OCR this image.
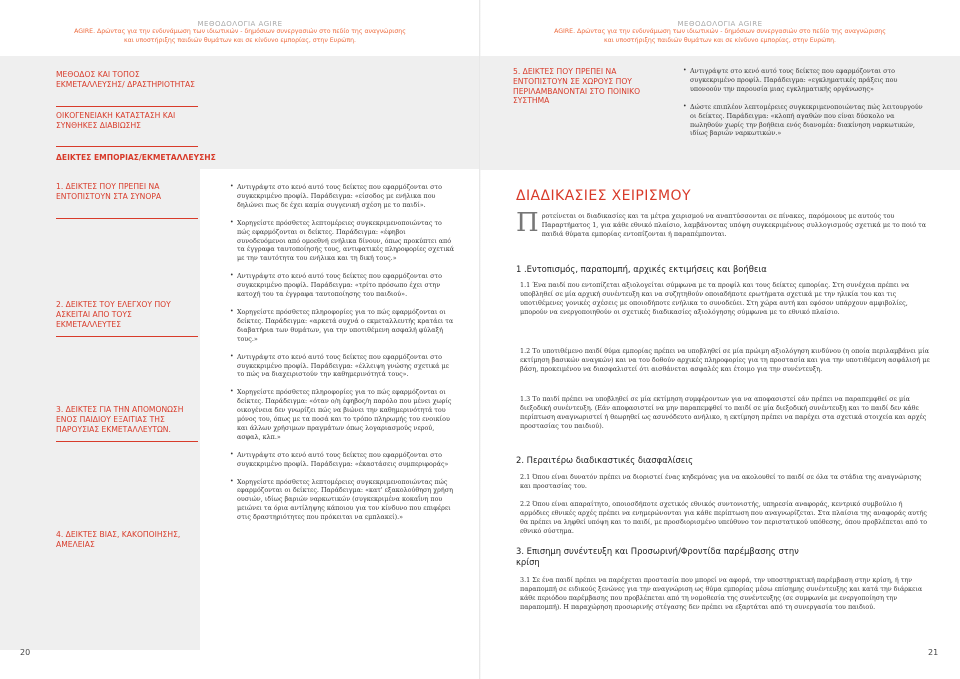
ΜΕΘΟΔΟΛΟΓΙΑ AGIRE
AGIRE. Δρώντας για την ενδυνάμωση των ιδιωτικών - δημόσιων συνεργασιών στο πεδίο της αναγνώρισης
και υποστήριξης παιδιών θυμάτων και σε κίνδυνο εμπορίας, στην Ευρώπη.
ΜΕΘΟΔΟΣ ΚΑΙ ΤΟΠΟΣ ΕΚΜΕΤΑΛΛΕΥΣΗΣ/ ΔΡΑΣΤΗΡΙΟΤΗΤΑΣ
ΟΙΚΟΓΕΝΕΙΑΚΗ ΚΑΤΑΣΤΑΣΗ ΚΑΙ ΣΥΝΘΗΚΕΣ ΔΙΑΒΙΩΣΗΣ
ΔΕΙΚΤΕΣ ΕΜΠΟΡΙΑΣ/ΕΚΜΕΤΑΛΛΕΥΣΗΣ
1. ΔΕΙΚΤΕΣ ΠΟΥ ΠΡΕΠΕΙ ΝΑ ΕΝΤΟΠΙΣΤΟΥΝ ΣΤΑ ΣΥΝΟΡΑ
2. ΔΕΙΚΤΕΣ ΤΟΥ ΕΛΕΓΧΟΥ ΠΟΥ ΑΣΚΕΙΤΑΙ ΑΠΟ ΤΟΥΣ ΕΚΜΕΤΑΛΛΕΥΤΕΣ
3. ΔΕΙΚΤΕΣ ΓΙΑ ΤΗΝ ΑΠΟΜΟΝΩΣΗ ΕΝΟΣ ΠΑΙΔΙΟΥ ΕΞΑΙΤΙΑΣ ΤΗΣ ΠΑΡΟΥΣΙΑΣ ΕΚΜΕΤΑΛΛΕΥΤΩΝ.
4. ΔΕΙΚΤΕΣ ΒΙΑΣ, ΚΑΚΟΠΟΙΗΣΗΣ, ΑΜΕΛΕΙΑΣ
• Αντιγράψτε στο κενό αυτό τους δείκτες που εφαρμόζονται στο συγκεκριμένο προφίλ. Παράδειγμα: «είσοδος με ενήλικα που δηλώνει πως δε έχει καμία συγγενική σχέση με το παιδί».

• Χορηγείστε πρόσθετες λεπτομέρειες συγκεκριμενοποιώντας το πώς εφαρμόζονται οι δείκτες. Παράδειγμα: «έφηβοι συνοδευόμενοι από ομοεθνή ενήλικα δίνουν, όπως προκύπτει από τα έγγραφα ταυτοποίησής τους, αντιφατικές πληροφορίες σχετικά με την ταυτότητα του ενήλικα και τη δική τους.»

• Αντιγράψτε στο κενό αυτό τους δείκτες που εφαρμόζονται στο συγκεκριμένο προφίλ. Παράδειγμα: «τρίτο πρόσωπο έχει στην κατοχή του τα έγγραφα ταυτοποίησης του παιδιού».

• Χορηγείστε πρόσθετες πληροφορίες για το πώς εφαρμόζονται οι δείκτες. Παράδειγμα: «αρκετά συχνά ο εκμεταλλευτής κρατάει τα διαβατήρια των θυμάτων, για την υποτιθέμενη ασφαλή φύλαξή τους.»

• Αντιγράψτε στο κενό αυτό τους δείκτες που εφαρμόζονται στο συγκεκριμένο προφίλ. Παράδειγμα: «έλλειψη γνώσης σχετικά με το πώς να διαχειριστούν την καθημερινότητά τους».

• Χορηγείστε πρόσθετες πληροφορίες για το πώς εφαρμόζονται οι δείκτες. Παράδειγμα: «όταν ο/η έφηβος/η παρόλο που μένει χωρίς οικογένεια δεν γνωρίζει πώς να βιώνει την καθημερινότητά του μόνος του, όπως με τα ποσά και το τρόπο πληρωμής του ενοικίου και άλλων χρήσιμων πραγμάτων όπως λογαριασμούς νερού, ασφαλ, κλπ.»

• Αντιγράψτε στο κενό αυτό τους δείκτες που εφαρμόζονται στο συγκεκριμένο προφίλ. Παράδειγμα: «έκαστάσεις συμπεριφοράς»

• Χορηγείστε πρόσθετες λεπτομέρειες συγκεκριμενοποιώντας πώς εφαρμόζονται οι δείκτες. Παράδειγμα: «κατ' εξακολούθηση χρήση ουσιών, ιδίως βαριών ναρκωτικών (συγκεκριμένα κοκαΐνη που μειώνει τα όρια αντίληψης κάποιου για τον κίνδυνο που επιφέρει στις δραστηριότητες που πρόκειται να εμπλακεί).»

20
ΜΕΘΟΔΟΛΟΓΙΑ AGIRE
AGIRE. Δρώντας για την ενδυνάμωση των ιδιωτικών - δημόσιων συνεργασιών στο πεδίο της αναγνώρισης
και υποστήριξης παιδιών θυμάτων και σε κίνδυνο εμπορίας, στην Ευρώπη.
5. ΔΕΙΚΤΕΣ ΠΟΥ ΠΡΕΠΕΙ ΝΑ ΕΝΤΟΠΙΣΤΟΥΝ ΣΕ ΧΩΡΟΥΣ ΠΟΥ ΠΕΡΙΛΑΜΒΑΝΟΝΤΑΙ ΣΤΟ ΠΟΙΝΙΚΟ ΣΥΣΤΗΜΑ
• Αντιγράψτε στο κενό αυτό τους δείκτες που εφαρμόζονται στο συγκεκριμένο προφίλ. Παράδειγμα: «εγκληματικές πράξεις που υπονοούν την παρουσία μιας εγκληματικής οργάνωσης»

• Δώστε επιπλέον λεπτομέρειες συγκεκριμενοποιώντας πώς λειτουργούν οι δείκτες. Παράδειγμα: «κλοπή αγαθών που είναι δύσκολο να πωληθούν χωρίς την βοήθεια ενός διανομέα: διακίνηση ναρκωτικών, ιδίως βαριών ναρκωτικών.»

ΔΙΑΔΙΚΑΣΙΕΣ ΧΕΙΡΙΣΜΟΥ
Προτείνεται οι διαδικασίες και τα μέτρα χειρισμού να αναπτύσσονται σε πίνακες, παρόμοιους με αυτούς του Παραρτήματος 1, για κάθε εθνικό πλαίσιο, λαμβάνοντας υπόψη συγκεκριμένους συλλογισμούς σχετικά με το ποιό τα παιδιά θύματα εμπορίας εντοπίζονται ή παραπέμπονται.
1 .Εντοπισμός, παραπομπή, αρχικές εκτιμήσεις και βοήθεια
1.1 Ένα παιδί που εντοπίζεται αξιολογείται σύμφωνα με τα προφίλ και τους δείκτες εμπορίας. Στη συνέχεια πρέπει να υποβληθεί σε μία αρχική συνέντευξη και να συζητηθούν οποιαδήποτε ερωτήματα σχετικά με την ηλικία του και τις υποτιθέμενες γονικές σχέσεις με οποιοδήποτε ενήλικα το συνοδεύει. Στη χώρα αυτή και εφόσον υπάρχουν αμφιβολίες, μπορούν να ενεργοποιηθούν οι σχετικές διαδικασίες αξιολόγησης σύμφωνα με το εθνικό πλαίσιο.
1.2 Το υποτιθέμενο παιδί θύμα εμπορίας πρέπει να υποβληθεί σε μία πρώιμη αξιολόγηση κινδύνου (η οποία περιλαμβάνει μία εκτίμηση βασικών αναγκών) και να του δοθούν αρχικές πληροφορίες για τη προστασία και για την υποτιθέμενη ασφάλισή με βάση, προκειμένου να διασφαλιστεί ότι αισθάνεται ασφαλές και έτοιμο για την συνέντευξη.
1.3 Το παιδί πρέπει να υποβληθεί σε μία εκτίμηση συμφέροντων για να αποφασιστεί εάν πρέπει να παραπεμφθεί σε μία διεξοδική συνέντευξη. (Εάν αποφασιστεί να μην παραπεμφθεί το παιδί σε μία διεξοδική συνέντευξη και το παιδί δεν κάθε περίπτωση αναγνωριστεί ή θεωρηθεί ως ασυνόδευτο ανήλικο, η εκτίμηση πρέπει να παρέχει στα σχετικά στοιχεία και αρχές προστασίας του παιδιού).
2. Περαιτέρω διαδικαστικές διασφαλίσεις
2.1 Όπου είναι δυνατόν πρέπει να διοριστεί ένας κηδεμόνας για να ακολουθεί το παιδί σε όλα τα στάδια της αναγνώρισης και προστασίας του.
2.2 Όπου είναι απαραίτητο, οποιοσδήποτε σχετικός εθνικός συντονιστής, υπηρεσία αναφοράς, κεντρικό συμβούλιο ή αρμόδιες εθνικές αρχές πρέπει να ενημερώνονται για κάθε περίπτωση που αναγνωρίζεται. Στα πλαίσια της αναφοράς αυτής θα πρέπει να ληφθεί υπόψη και το παιδί, με προσδιορισμένο υπεύθυνο τον περιστατικού υπόθεσης, όπου προβλέπεται από το εθνικό σύστημα.
3. Επισημη συνέντευξη και Προσωρινή/Φροντίδα παρέμβασης στην κρίση
3.1 Σε ένα παιδί πρέπει να παρέχεται προστασία που μπορεί να αφορά, την υποστηρικτική παρέμβαση στην κρίση, ή την παραπομπή σε ειδικούς ξενώνες για την αναγνώριση ως θύμα εμπορίας μέσω επίσημης συνέντευξης και κατά την διάρκεια κάθε περιόδου παρέμβασης που προβλέπεται από τη νομοθεσία της συνέντευξης (σε συμφωνία με ενεργοποίηση την παραπομπή). Η παραχώρηση προσωρινής στέγασης δεν πρέπει να εξαρτάται από τη συνεργασία του παιδιού.
21
